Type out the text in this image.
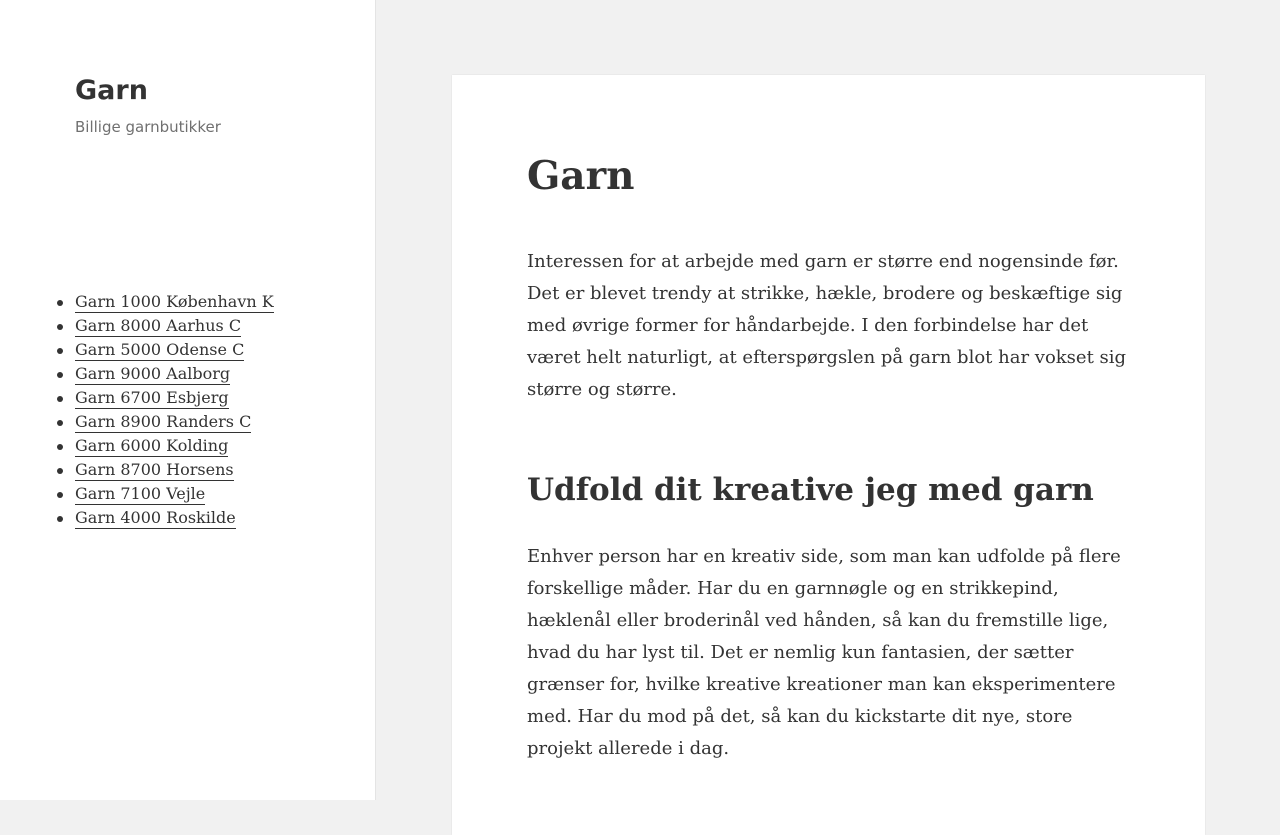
Garn

Billige garnbutikker

Garn 1000 København K
Garn 8000 Aarhus C
Garn 5000 Odense C
Garn 9000 Aalborg
Garn 6700 Esbjerg
Garn 8900 Randers C
Garn 6000 Kolding
Garn 8700 Horsens
Garn 7100 Vejle
Garn 4000 Roskilde
Garn

Interessen for at arbejde med garn er større end nogensinde før. Det er blevet trendy at strikke, hækle, brodere og beskæftige sig med øvrige former for håndarbejde. I den forbindelse har det været helt naturligt, at efterspørgslen på garn blot har vokset sig større og større.

Udfold dit kreative jeg med garn

Enhver person har en kreativ side, som man kan udfolde på flere forskellige måder. Har du en garnnøgle og en strikkepind, hæklenål eller broderinål ved hånden, så kan du fremstille lige, hvad du har lyst til. Det er nemlig kun fantasien, der sætter grænser for, hvilke kreative kreationer man kan eksperimentere med. Har du mod på det, så kan du kickstarte dit nye, store projekt allerede i dag.
